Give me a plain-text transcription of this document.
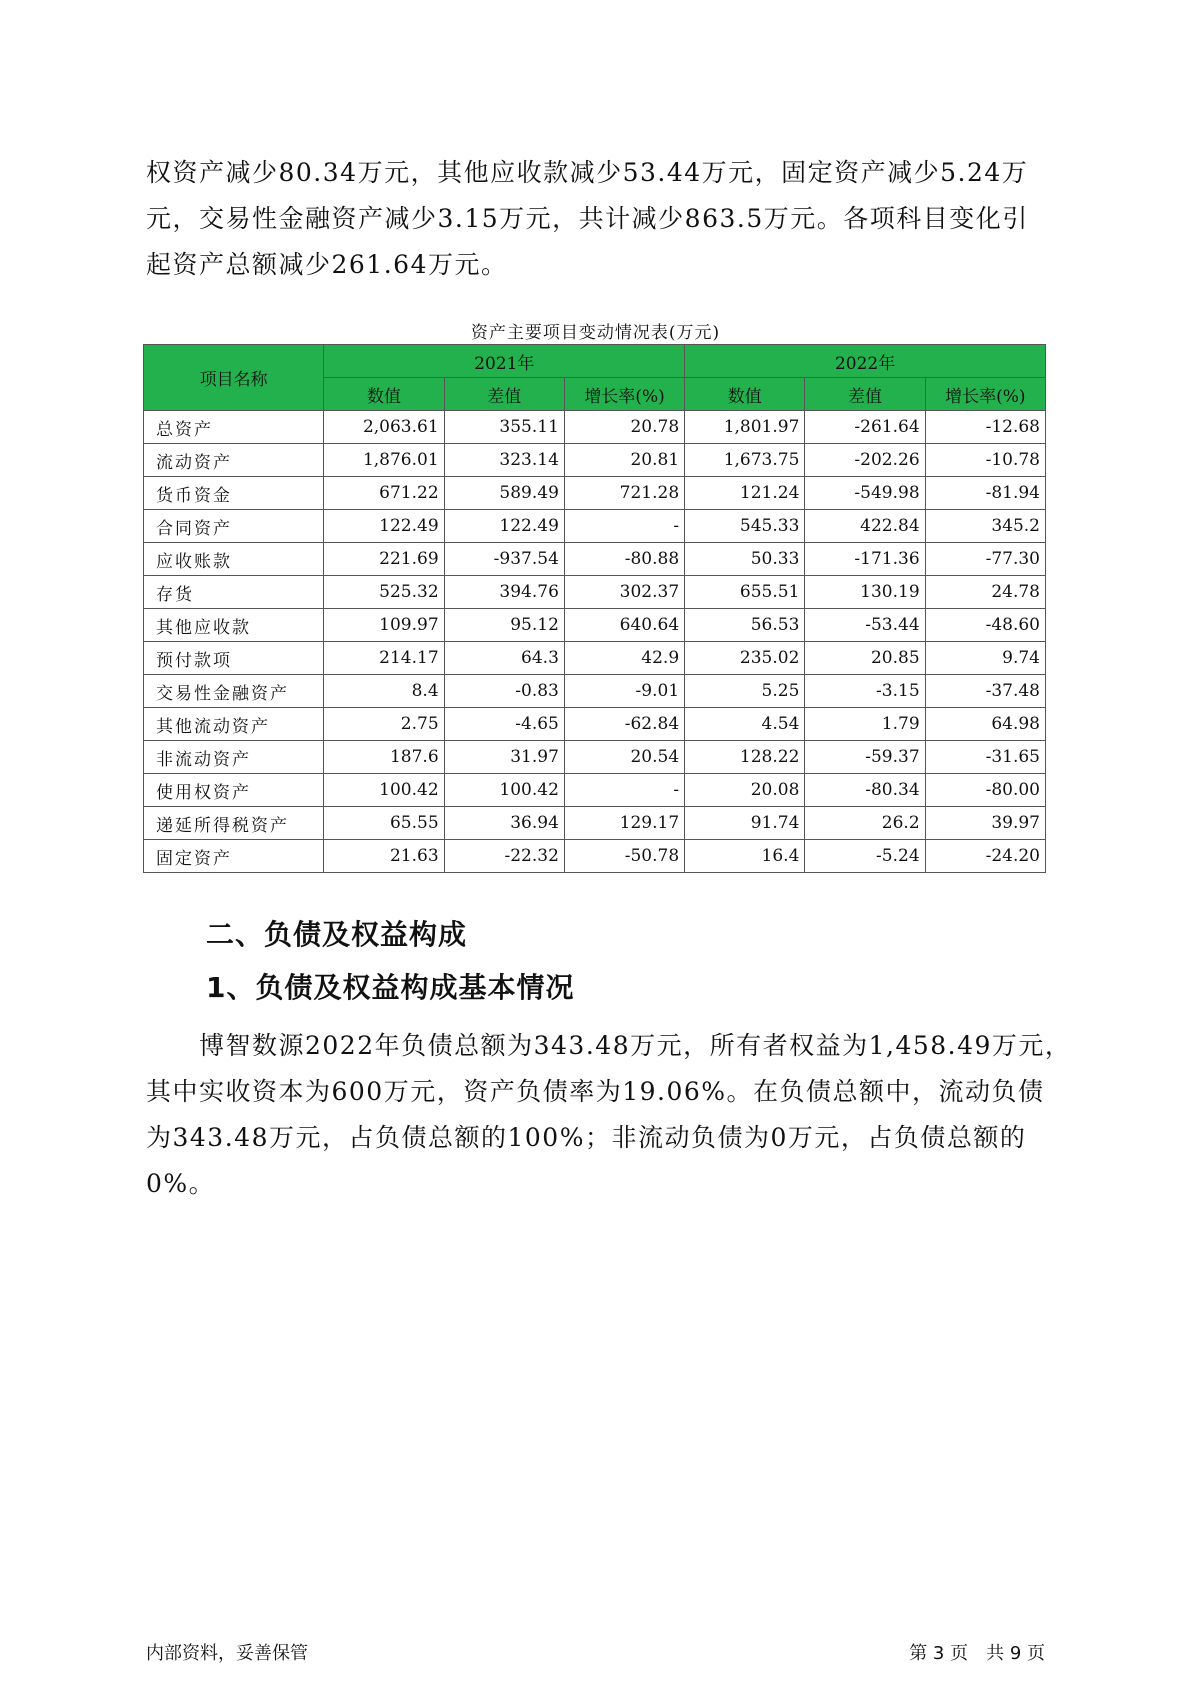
权资产减少80.34万元，其他应收款减少53.44万元，固定资产减少5.24万
元，交易性金融资产减少3.15万元，共计减少863.5万元。各项科目变化引
起资产总额减少261.64万元。

资产主要项目变动情况表(万元)
项目名称	2021年			2022年		
	数值	差值	增长率(%)	数值	差值	增长率(%)
总资产	2,063.61	355.11	20.78	1,801.97	-261.64	-12.68
流动资产	1,876.01	323.14	20.81	1,673.75	-202.26	-10.78
货币资金	671.22	589.49	721.28	121.24	-549.98	-81.94
合同资产	122.49	122.49	-	545.33	422.84	345.2
应收账款	221.69	-937.54	-80.88	50.33	-171.36	-77.30
存货	525.32	394.76	302.37	655.51	130.19	24.78
其他应收款	109.97	95.12	640.64	56.53	-53.44	-48.60
预付款项	214.17	64.3	42.9	235.02	20.85	9.74
交易性金融资产	8.4	-0.83	-9.01	5.25	-3.15	-37.48
其他流动资产	2.75	-4.65	-62.84	4.54	1.79	64.98
非流动资产	187.6	31.97	20.54	128.22	-59.37	-31.65
使用权资产	100.42	100.42	-	20.08	-80.34	-80.00
递延所得税资产	65.55	36.94	129.17	91.74	26.2	39.97
固定资产	21.63	-22.32	-50.78	16.4	-5.24	-24.20
二、负债及权益构成
1、负债及权益构成基本情况

　　博智数源2022年负债总额为343.48万元，所有者权益为1,458.49万元，
其中实收资本为600万元，资产负债率为19.06%。在负债总额中，流动负债
为343.48万元，占负债总额的100%；非流动负债为0万元，占负债总额的
0%。

内部资料，妥善保管	第 3 页　共 9 页
